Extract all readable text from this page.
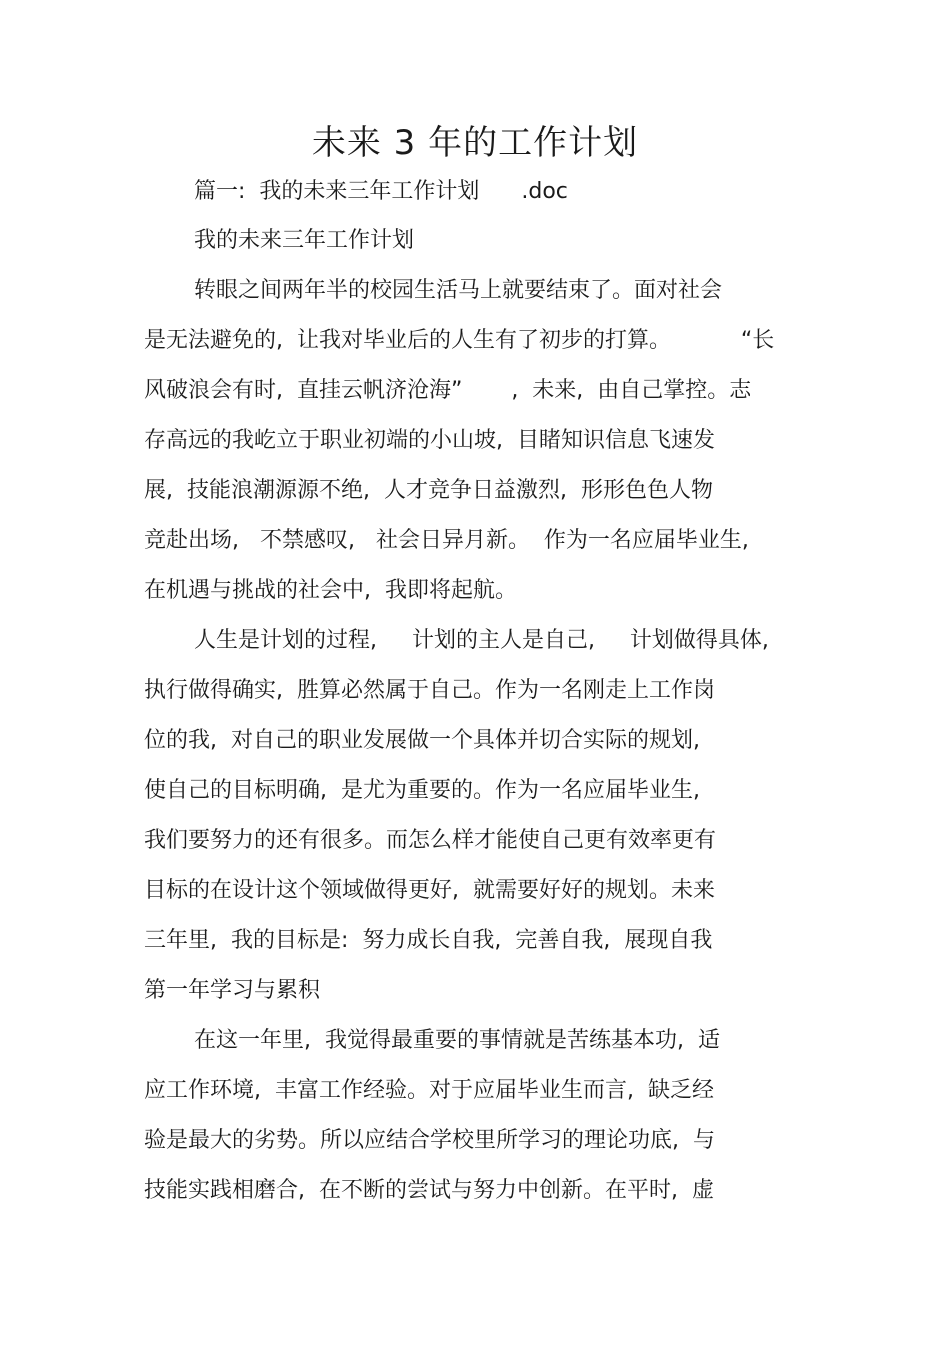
未来 3 年的工作计划
篇一:  我的未来三年工作计划      .doc
我的未来三年工作计划
转眼之间两年半的校园生活马上就要结束了。面对社会
是无法避免的,  让我对毕业后的人生有了初步的打算。          “长
风破浪会有时,  直挂云帆济沧海”       ,  未来,  由自己掌控。志
存高远的我屹立于职业初端的小山坡,  目睹知识信息飞速发
展,  技能浪潮源源不绝,  人才竞争日益激烈,  形形色色人物
竞赴出场,   不禁感叹,   社会日异月新。  作为一名应届毕业生,
在机遇与挑战的社会中,  我即将起航。
人生是计划的过程,     计划的主人是自己,     计划做得具体,
执行做得确实,  胜算必然属于自己。作为一名刚走上工作岗
位的我,  对自己的职业发展做一个具体并切合实际的规划,
使自己的目标明确,  是尤为重要的。作为一名应届毕业生,
我们要努力的还有很多。而怎么样才能使自己更有效率更有
目标的在设计这个领域做得更好,  就需要好好的规划。未来
三年里,  我的目标是:  努力成长自我,  完善自我,  展现自我
第一年学习与累积
在这一年里,  我觉得最重要的事情就是苦练基本功,  适
应工作环境,  丰富工作经验。对于应届毕业生而言,  缺乏经
验是最大的劣势。所以应结合学校里所学习的理论功底,  与
技能实践相磨合,  在不断的尝试与努力中创新。在平时,  虚
